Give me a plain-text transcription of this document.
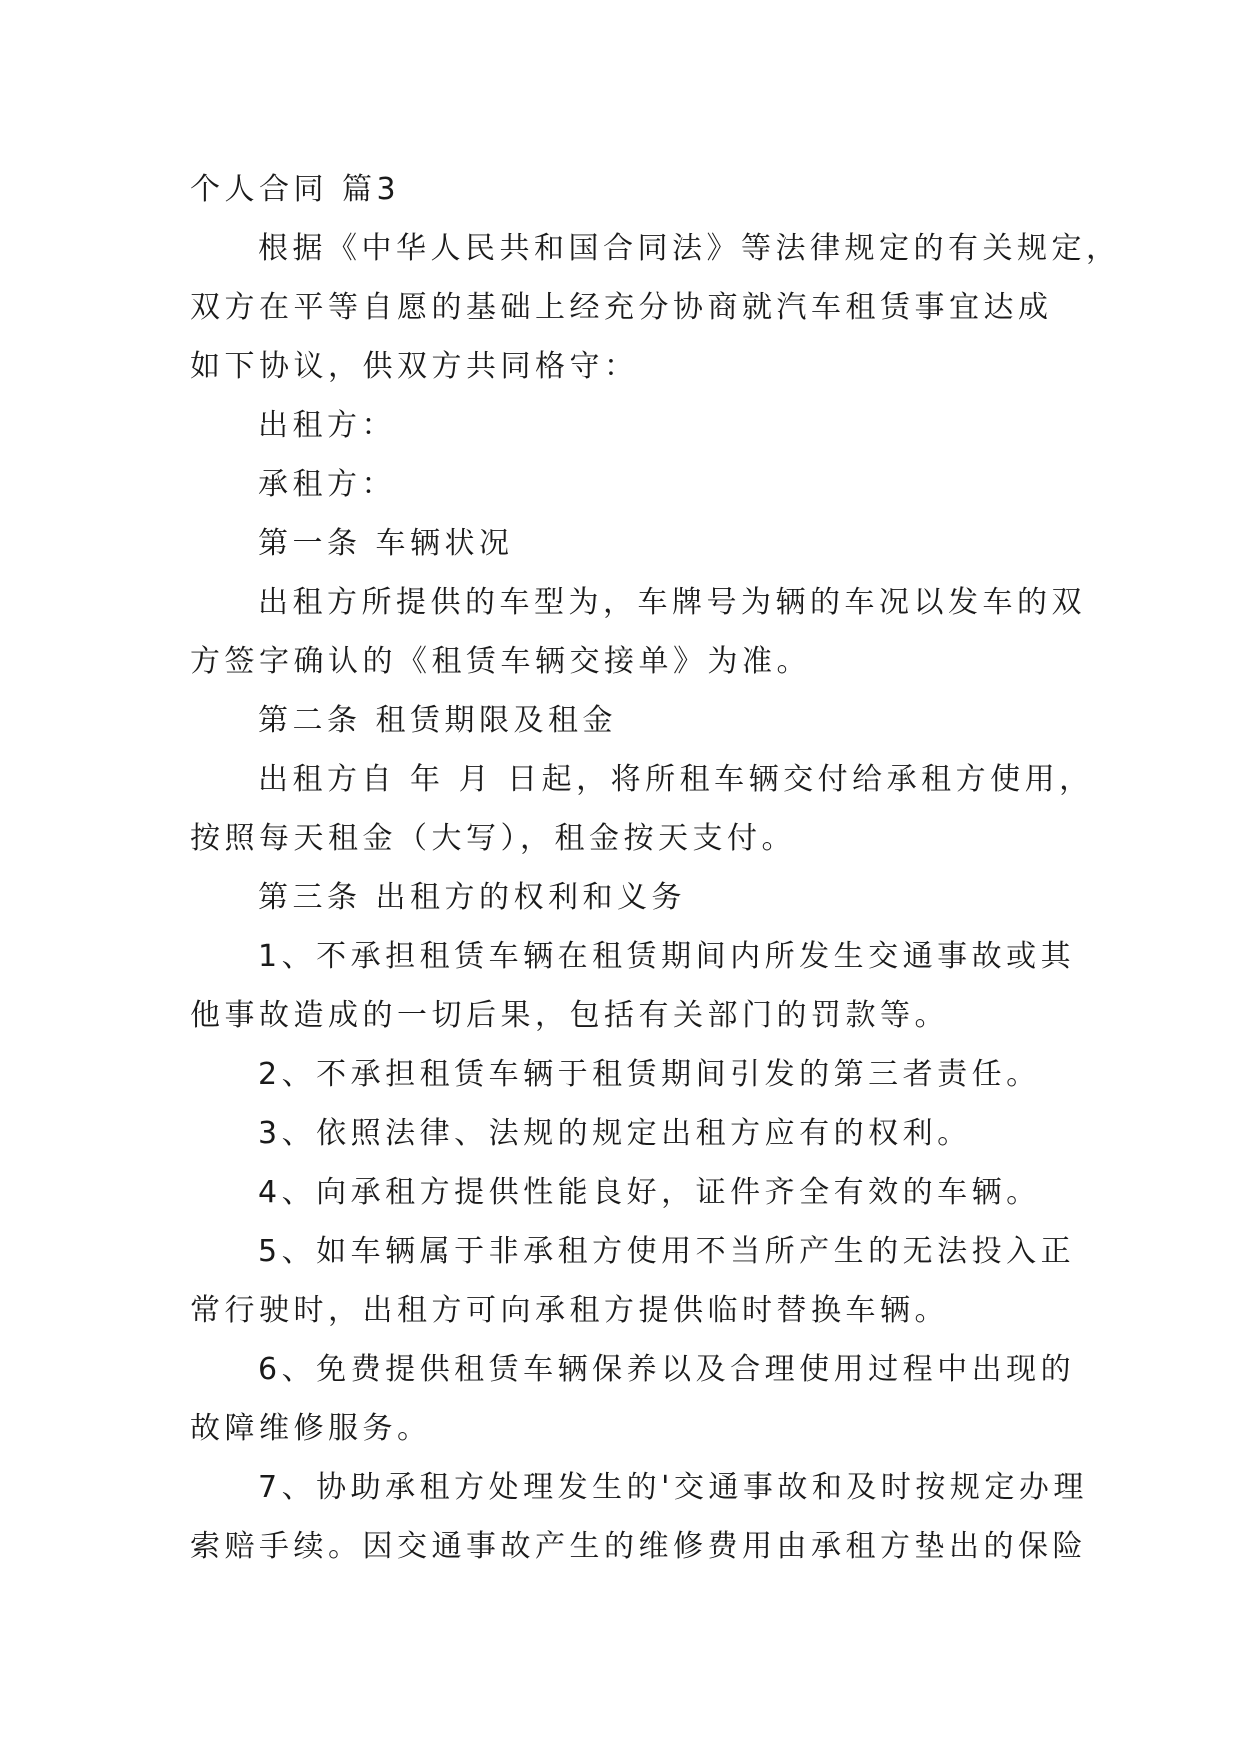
个人合同 篇3
根据《中华人民共和国合同法》等法律规定的有关规定，
双方在平等自愿的基础上经充分协商就汽车租赁事宜达成
如下协议，供双方共同格守：
出租方：
承租方：
第一条 车辆状况
出租方所提供的车型为，车牌号为辆的车况以发车的双
方签字确认的《租赁车辆交接单》为准。
第二条 租赁期限及租金
出租方自 年 月 日起，将所租车辆交付给承租方使用，
按照每天租金（大写），租金按天支付。
第三条 出租方的权利和义务
1、不承担租赁车辆在租赁期间内所发生交通事故或其
他事故造成的一切后果，包括有关部门的罚款等。
2、不承担租赁车辆于租赁期间引发的第三者责任。
3、依照法律、法规的规定出租方应有的权利。
4、向承租方提供性能良好，证件齐全有效的车辆。
5、如车辆属于非承租方使用不当所产生的无法投入正
常行驶时，出租方可向承租方提供临时替换车辆。
6、免费提供租赁车辆保养以及合理使用过程中出现的
故障维修服务。
7、协助承租方处理发生的'交通事故和及时按规定办理
索赔手续。因交通事故产生的维修费用由承租方垫出的保险
